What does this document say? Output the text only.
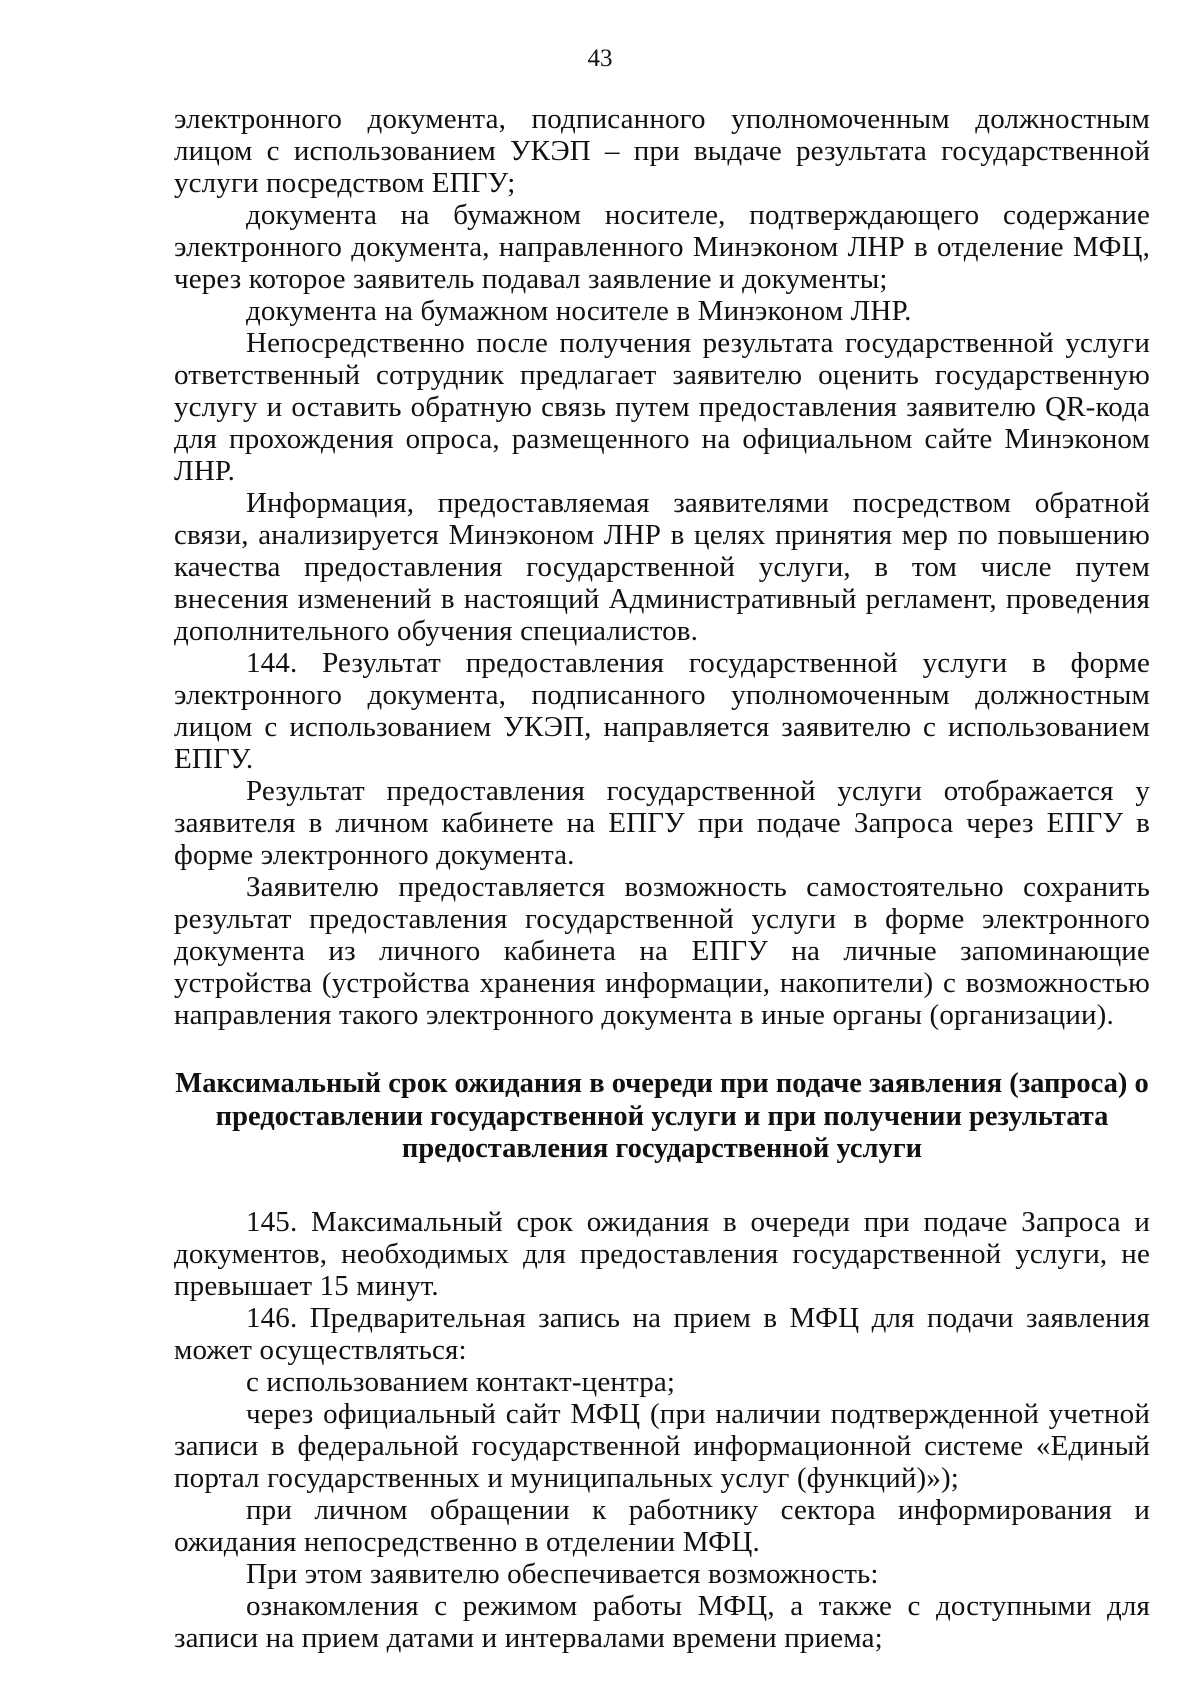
43

электронного документа, подписанного уполномоченным должностным лицом с использованием УКЭП – при выдаче результата государственной услуги посредством ЕПГУ;

документа на бумажном носителе, подтверждающего содержание электронного документа, направленного Минэконом ЛНР в отделение МФЦ, через которое заявитель подавал заявление и документы;

документа на бумажном носителе в Минэконом ЛНР.

Непосредственно после получения результата государственной услуги ответственный сотрудник предлагает заявителю оценить государственную услугу и оставить обратную связь путем предоставления заявителю QR-кода для прохождения опроса, размещенного на официальном сайте Минэконом ЛНР.

Информация, предоставляемая заявителями посредством обратной связи, анализируется Минэконом ЛНР в целях принятия мер по повышению качества предоставления государственной услуги, в том числе путем внесения изменений в настоящий Административный регламент, проведения дополнительного обучения специалистов.

144. Результат предоставления государственной услуги в форме электронного документа, подписанного уполномоченным должностным лицом с использованием УКЭП, направляется заявителю с использованием ЕПГУ.

Результат предоставления государственной услуги отображается у заявителя в личном кабинете на ЕПГУ при подаче Запроса через ЕПГУ в форме электронного документа.

Заявителю предоставляется возможность самостоятельно сохранить результат предоставления государственной услуги в форме электронного документа из личного кабинета на ЕПГУ на личные запоминающие устройства (устройства хранения информации, накопители) с возможностью направления такого электронного документа в иные органы (организации).

Максимальный срок ожидания в очереди при подаче заявления (запроса) о предоставлении государственной услуги и при получении результата предоставления государственной услуги

145. Максимальный срок ожидания в очереди при подаче Запроса и документов, необходимых для предоставления государственной услуги, не превышает 15 минут.

146. Предварительная запись на прием в МФЦ для подачи заявления может осуществляться:

с использованием контакт-центра;

через официальный сайт МФЦ (при наличии подтвержденной учетной записи в федеральной государственной информационной системе «Единый портал государственных и муниципальных услуг (функций)»);

при личном обращении к работнику сектора информирования и ожидания непосредственно в отделении МФЦ.

При этом заявителю обеспечивается возможность:

ознакомления с режимом работы МФЦ, а также с доступными для записи на прием датами и интервалами времени приема;
